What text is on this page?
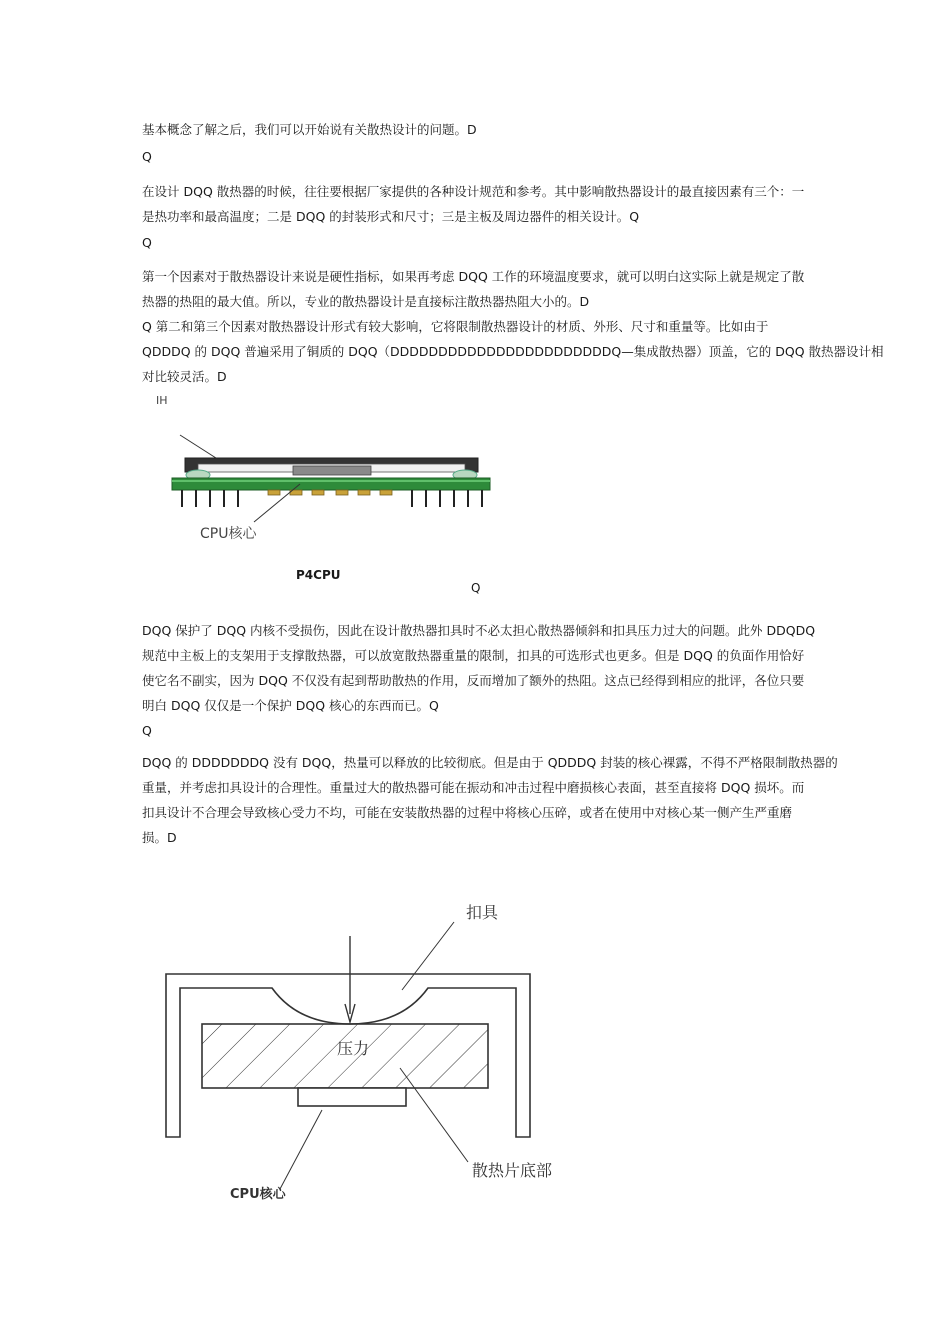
基本概念了解之后，我们可以开始说有关散热设计的问题。D
Q
在设计 DQQ 散热器的时候，往往要根据厂家提供的各种设计规范和参考。其中影响散热器设计的最直接因素有三个：一
是热功率和最高温度；二是 DQQ 的封装形式和尺寸；三是主板及周边器件的相关设计。Q
Q
第一个因素对于散热器设计来说是硬性指标，如果再考虑 DQQ 工作的环境温度要求，就可以明白这实际上就是规定了散
热器的热阻的最大值。所以，专业的散热器设计是直接标注散热器热阻大小的。D
Q 第二和第三个因素对散热器设计形式有较大影响，它将限制散热器设计的材质、外形、尺寸和重量等。比如由于
QDDDQ 的 DQQ 普遍采用了铜质的 DQQ（DDDDDDDDDDDDDDDDDDDDDDDQ—集成散热器）顶盖，它的 DQQ 散热器设计相
对比较灵活。D
IH
CPU核心
P4CPU
Q
DQQ 保护了 DQQ 内核不受损伤，因此在设计散热器扣具时不必太担心散热器倾斜和扣具压力过大的问题。此外 DDQDQ
规范中主板上的支架用于支撑散热器，可以放宽散热器重量的限制，扣具的可选形式也更多。但是 DQQ 的负面作用恰好
使它名不副实，因为 DQQ 不仅没有起到帮助散热的作用，反而增加了额外的热阻。这点已经得到相应的批评，各位只要
明白 DQQ 仅仅是一个保护 DQQ 核心的东西而已。Q
Q
DQQ 的 DDDDDDDQ 没有 DQQ，热量可以释放的比较彻底。但是由于 QDDDQ 封装的核心裸露，不得不严格限制散热器的
重量，并考虑扣具设计的合理性。重量过大的散热器可能在振动和冲击过程中磨损核心表面，甚至直接将 DQQ 损坏。而
扣具设计不合理会导致核心受力不均，可能在安装散热器的过程中将核心压碎，或者在使用中对核心某一侧产生严重磨
损。D
扣具
压力
散热片底部
CPU核心
